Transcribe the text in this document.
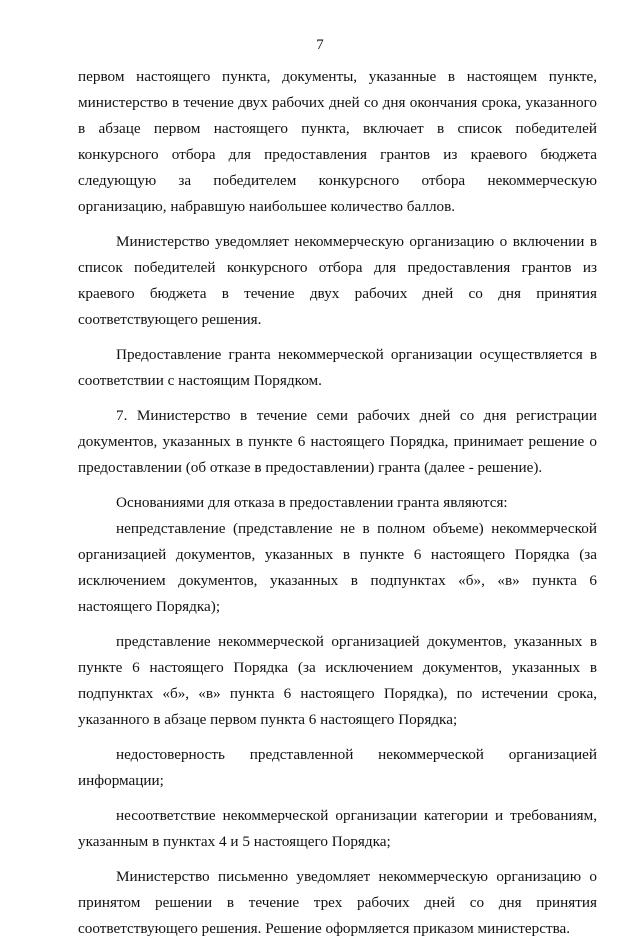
7

первом настоящего пункта, документы, указанные в настоящем пункте, министерство в течение двух рабочих дней со дня окончания срока, указанного в абзаце первом настоящего пункта, включает в список победителей конкурсного отбора для предоставления грантов из краевого бюджета следующую за победителем конкурсного отбора некоммерческую организацию, набравшую наибольшее количество баллов.

Министерство уведомляет некоммерческую организацию о включении в список победителей конкурсного отбора для предоставления грантов из краевого бюджета в течение двух рабочих дней со дня принятия соответствующего решения.

Предоставление гранта некоммерческой организации осуществляется в соответствии с настоящим Порядком.

7. Министерство в течение семи рабочих дней со дня регистрации документов, указанных в пункте 6 настоящего Порядка, принимает решение о предоставлении (об отказе в предоставлении) гранта (далее - решение).

Основаниями для отказа в предоставлении гранта являются:

непредставление (представление не в полном объеме) некоммерческой организацией документов, указанных в пункте 6 настоящего Порядка (за исключением документов, указанных в подпунктах «б», «в» пункта 6 настоящего Порядка);

представление некоммерческой организацией документов, указанных в пункте 6 настоящего Порядка (за исключением документов, указанных в подпунктах «б», «в» пункта 6 настоящего Порядка), по истечении срока, указанного в абзаце первом пункта 6 настоящего Порядка;

недостоверность представленной некоммерческой организацией информации;

несоответствие некоммерческой организации категории и требованиям, указанным в пунктах 4 и 5 настоящего Порядка;

Министерство письменно уведомляет некоммерческую организацию о принятом решении в течение трех рабочих дней со дня принятия соответствующего решения. Решение оформляется приказом министерства.
